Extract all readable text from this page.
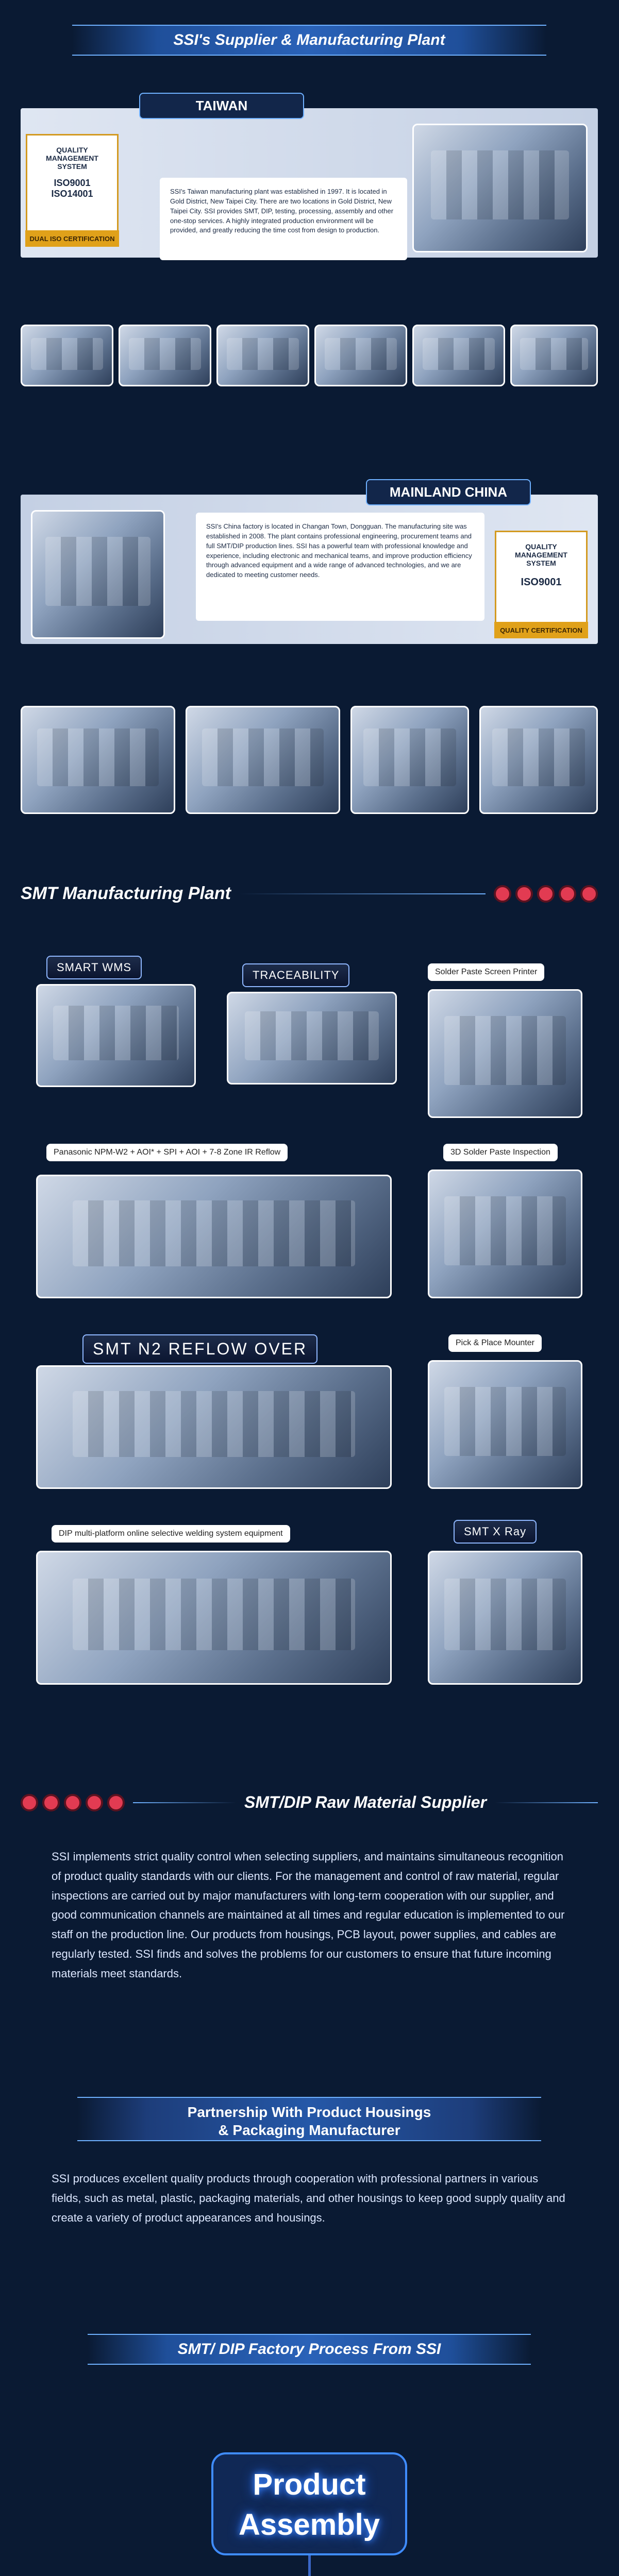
SSI's Supplier & Manufacturing Plant
TAIWAN
QUALITY MANAGEMENT SYSTEM
ISO9001
ISO14001
DUAL ISO CERTIFICATION
SSI's Taiwan manufacturing plant was established in 1997. It is located in Gold District, New Taipei City. There are two locations in Gold District, New Taipei City. SSI provides SMT, DIP, testing, processing, assembly and other one-stop services. A highly integrated production environment will be provided, and greatly reducing the time cost from design to production.
MAINLAND CHINA
SSI's China factory is located in Changan Town, Dongguan. The manufacturing site was established in 2008. The plant contains professional engineering, procurement teams and full SMT/DIP production lines. SSI has a powerful team with professional knowledge and experience, including electronic and mechanical teams, and improve production efficiency through advanced equipment and a wide range of advanced technologies, and we are dedicated to meeting customer needs.
QUALITY MANAGEMENT SYSTEM
ISO9001
QUALITY CERTIFICATION
SMT Manufacturing Plant
SMART WMS
TRACEABILITY	Solder Paste Screen Printer
Panasonic NPM-W2 + AOI* + SPI + AOI + 7-8 Zone IR Reflow	3D Solder Paste Inspection
SMT N2 REFLOW OVER	Pick & Place Mounter
DIP multi-platform online selective welding system equipment	SMT X Ray
SMT/DIP Raw Material Supplier
SSI implements strict quality control when selecting suppliers, and maintains simultaneous recognition of product quality standards with our clients. For the management and control of raw material, regular inspections are carried out by major manufacturers with long-term cooperation with our supplier, and good communication channels are maintained at all times and regular education is implemented to our staff on the production line. Our products from housings, PCB layout, power supplies, and cables are regularly tested. SSI finds and solves the problems for our customers to ensure that future incoming materials meet standards.
Partnership With Product Housings
& Packaging Manufacturer
SSI produces excellent quality products through cooperation with professional partners in various fields, such as metal, plastic, packaging materials, and other housings to keep good supply quality and create a variety of product appearances and housings.
SMT/ DIP Factory Process From SSI
Product
Assembly
